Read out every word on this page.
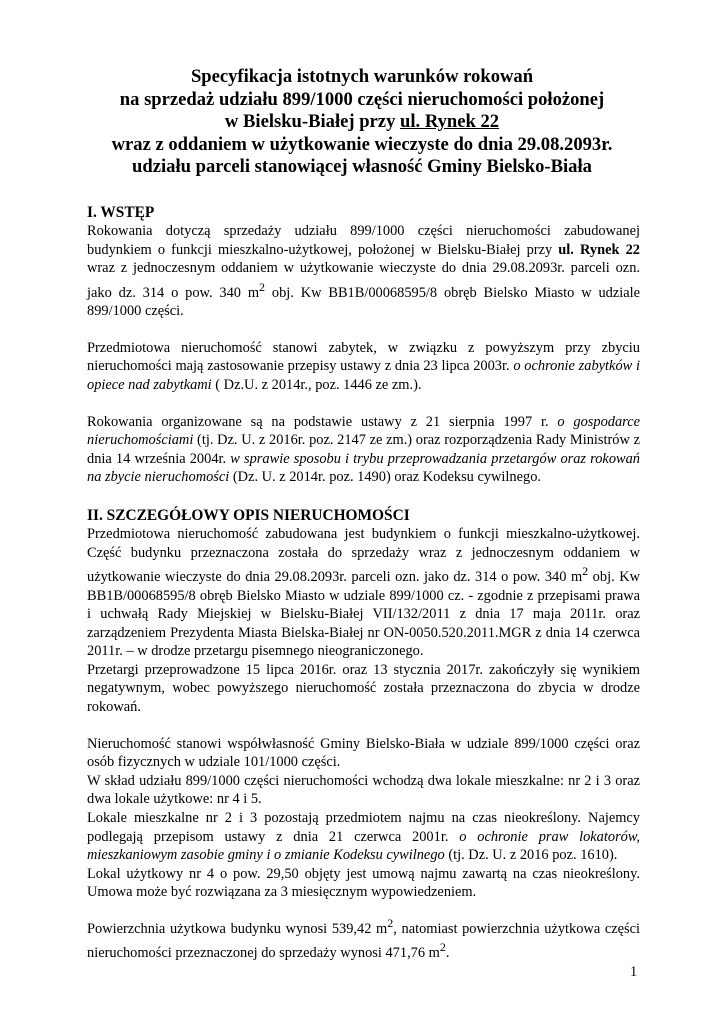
Specyfikacja istotnych warunków rokowań
na sprzedaż udziału 899/1000 części nieruchomości położonej
w Bielsku-Białej przy ul. Rynek 22
wraz z oddaniem w użytkowanie wieczyste do dnia 29.08.2093r.
udziału parceli stanowiącej własność Gminy Bielsko-Biała
I. WSTĘP

Rokowania dotyczą sprzedaży udziału 899/1000 części nieruchomości zabudowanej budynkiem o funkcji mieszkalno-użytkowej, położonej w Bielsku-Białej przy ul. Rynek 22 wraz z jednoczesnym oddaniem w użytkowanie wieczyste do dnia 29.08.2093r. parceli ozn. jako dz. 314 o pow. 340 $m^2$ obj. Kw BB1B/00068595/8 obręb Bielsko Miasto w udziale 899/1000 części.

Przedmiotowa nieruchomość stanowi zabytek, w związku z powyższym przy zbyciu nieruchomości mają zastosowanie przepisy ustawy z dnia 23 lipca 2003r. o ochronie zabytków i opiece nad zabytkami ( Dz.U. z 2014r., poz. 1446 ze zm.).

Rokowania organizowane są na podstawie ustawy z 21 sierpnia 1997 r. o gospodarce nieruchomościami (tj. Dz. U. z 2016r. poz. 2147 ze zm.) oraz rozporządzenia Rady Ministrów z dnia 14 września 2004r. w sprawie sposobu i trybu przeprowadzania przetargów oraz rokowań na zbycie nieruchomości (Dz. U. z 2014r. poz. 1490) oraz Kodeksu cywilnego.

II. SZCZEGÓŁOWY OPIS NIERUCHOMOŚCI

Przedmiotowa nieruchomość zabudowana jest budynkiem o funkcji mieszkalno-użytkowej. Część budynku przeznaczona została do sprzedaży wraz z jednoczesnym oddaniem w użytkowanie wieczyste do dnia 29.08.2093r. parceli ozn. jako dz. 314 o pow. 340 $m^2$ obj. Kw BB1B/00068595/8 obręb Bielsko Miasto w udziale 899/1000 cz. - zgodnie z przepisami prawa i uchwałą Rady Miejskiej w Bielsku-Białej VII/132/2011 z dnia 17 maja 2011r. oraz zarządzeniem Prezydenta Miasta Bielska-Białej nr ON-0050.520.2011.MGR z dnia 14 czerwca 2011r. – w drodze przetargu pisemnego nieograniczonego.

Przetargi przeprowadzone 15 lipca 2016r. oraz 13 stycznia 2017r. zakończyły się wynikiem negatywnym, wobec powyższego nieruchomość została przeznaczona do zbycia w drodze rokowań.

Nieruchomość stanowi współwłasność Gminy Bielsko-Biała w udziale 899/1000 części oraz osób fizycznych w udziale 101/1000 części.

W skład udziału 899/1000 części nieruchomości wchodzą dwa lokale mieszkalne: nr 2 i 3 oraz dwa lokale użytkowe: nr 4 i 5.

Lokale mieszkalne nr 2 i 3 pozostają przedmiotem najmu na czas nieokreślony. Najemcy podlegają przepisom ustawy z dnia 21 czerwca 2001r. o ochronie praw lokatorów, mieszkaniowym zasobie gminy i o zmianie Kodeksu cywilnego (tj. Dz. U. z 2016 poz. 1610).

Lokal użytkowy nr 4 o pow. 29,50 objęty jest umową najmu zawartą na czas nieokreślony. Umowa może być rozwiązana za 3 miesięcznym wypowiedzeniem.

Powierzchnia użytkowa budynku wynosi 539,42 $m^2$, natomiast powierzchnia użytkowa części nieruchomości przeznaczonej do sprzedaży wynosi 471,76 $m^2$.

1
